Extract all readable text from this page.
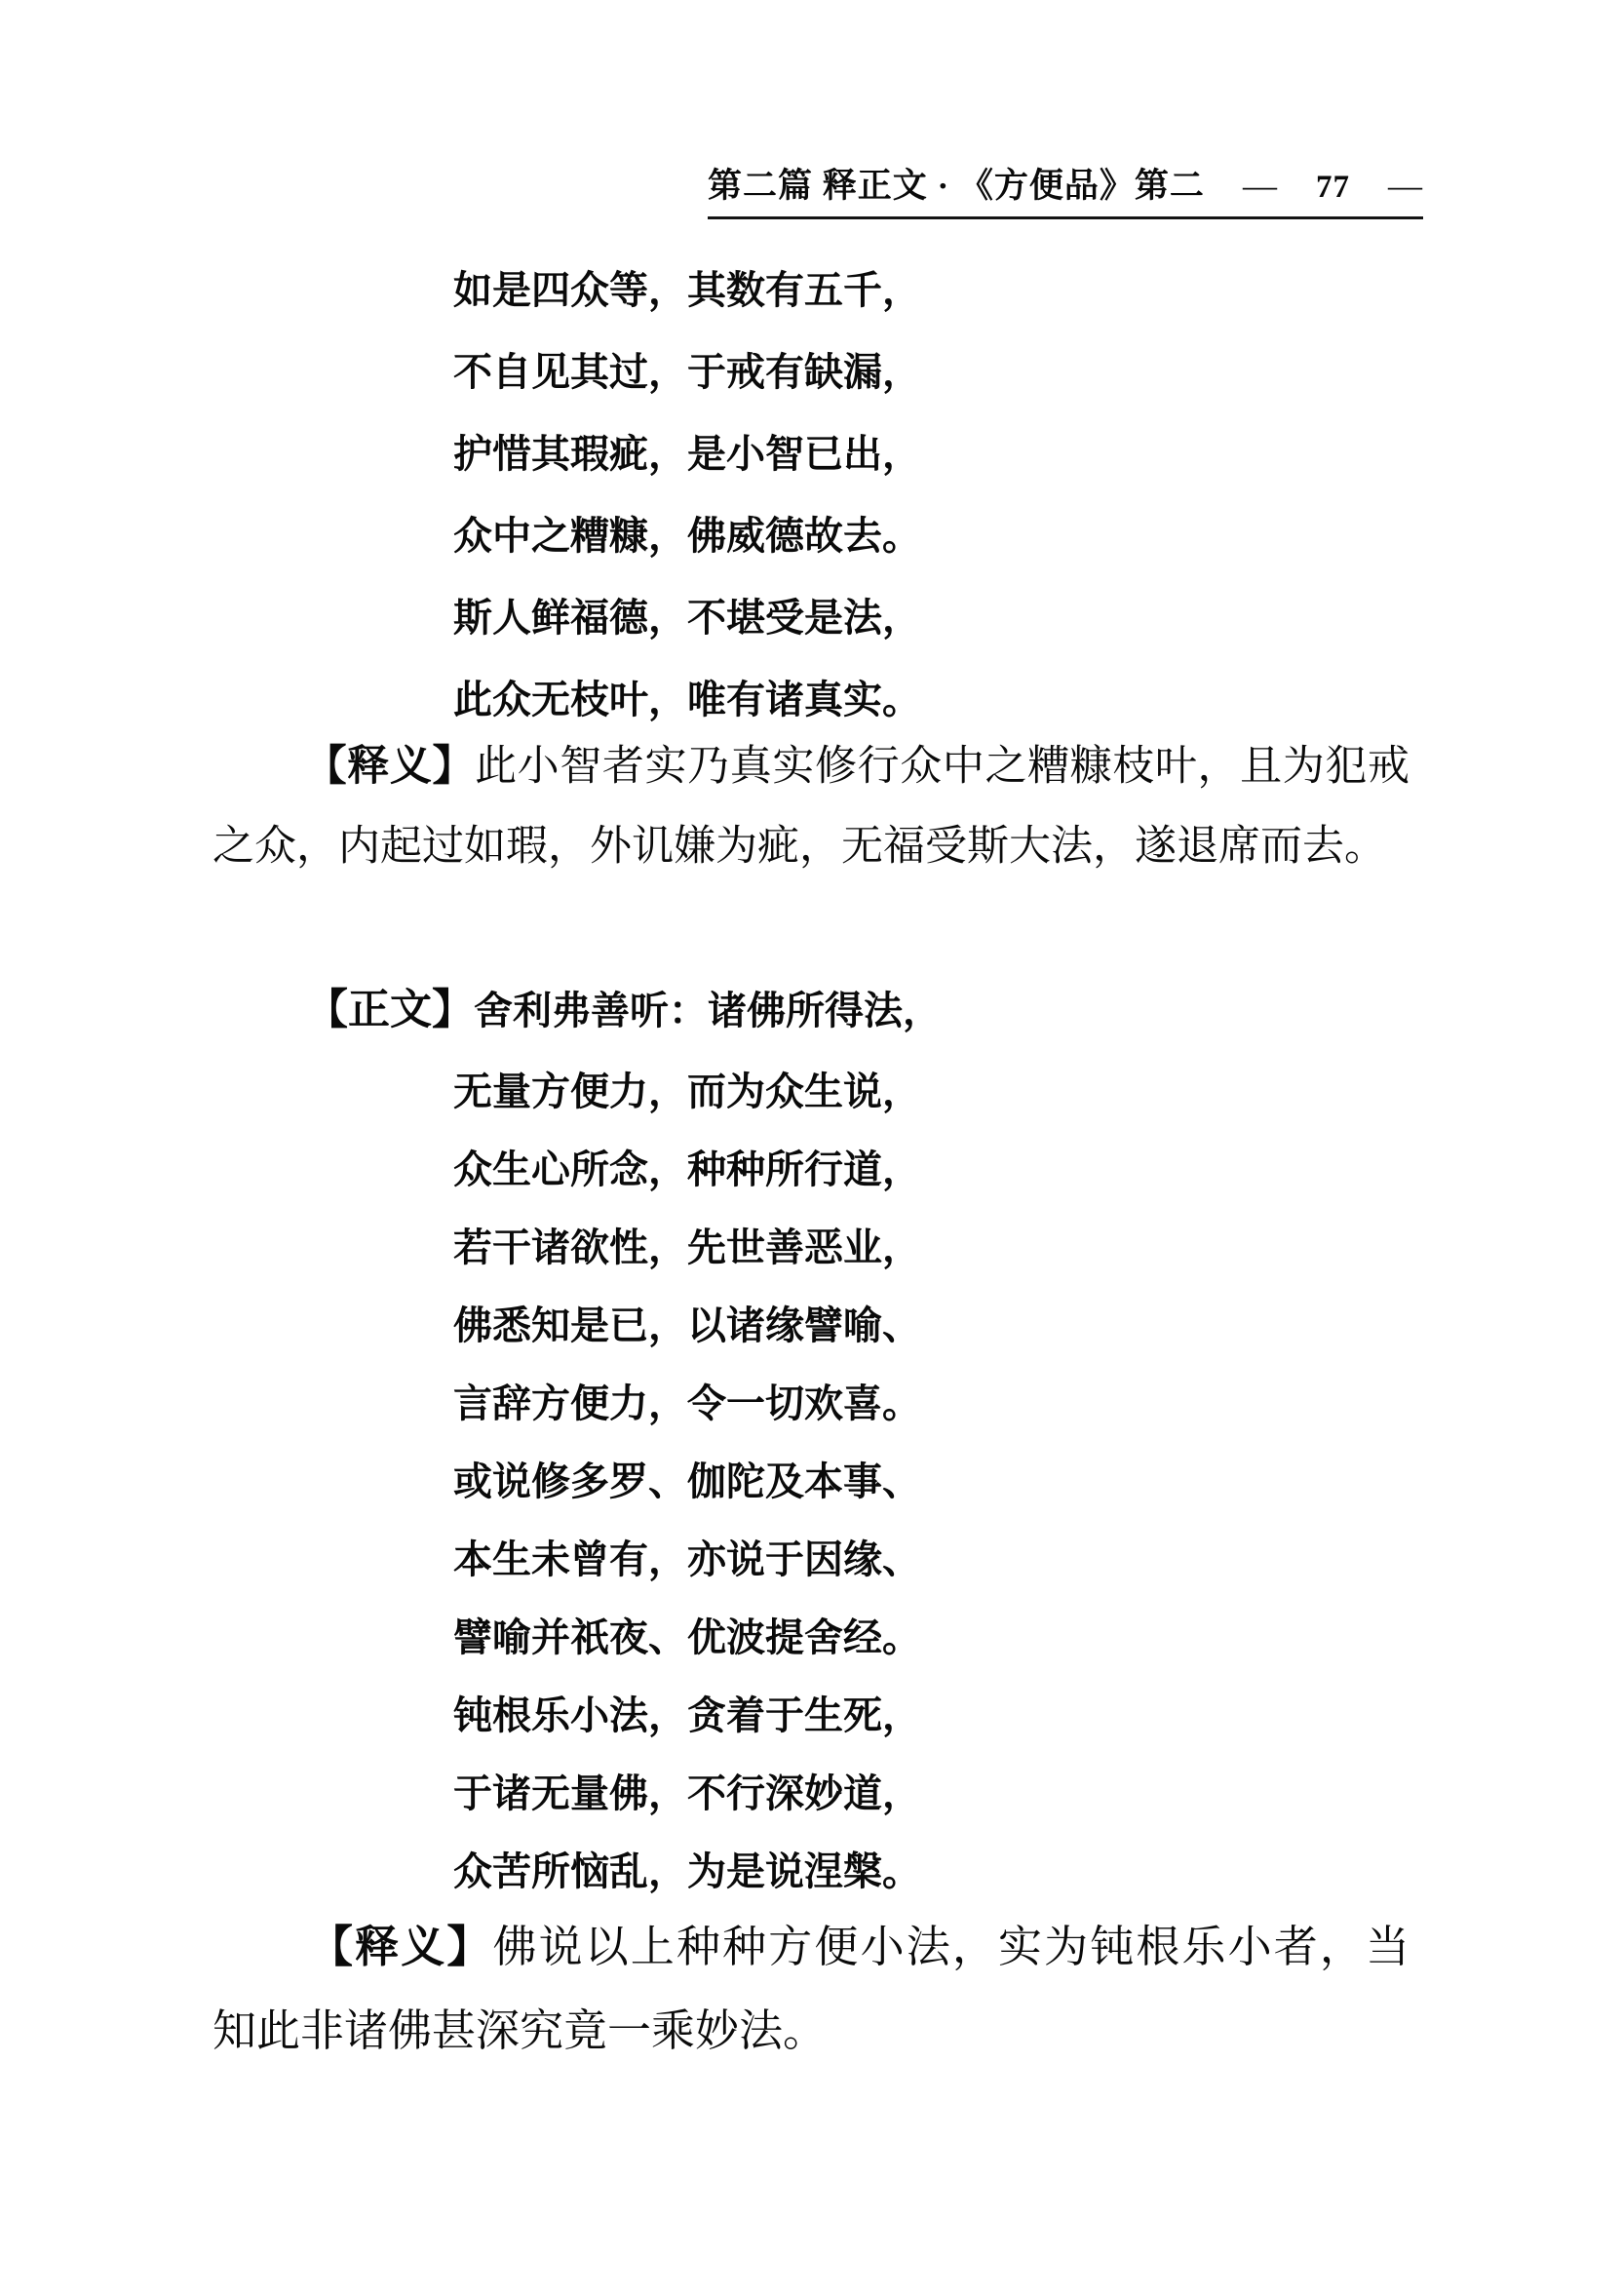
第二篇 释正文 · 《方便品》第二 — 77 —
如是四众等，其数有五千，
不自见其过，于戒有缺漏，
护惜其瑕疵，是小智已出，
众中之糟糠，佛威德故去。
斯人鲜福德，不堪受是法，
此众无枝叶，唯有诸真实。
【释义】此小智者实乃真实修行众中之糟糠枝叶，且为犯戒
之众，内起过如瑕，外讥嫌为疵，无福受斯大法，遂退席而去。
【正文】舍利弗善听：诸佛所得法，
无量方便力，而为众生说，
众生心所念，种种所行道，
若干诸欲性，先世善恶业，
佛悉知是已，以诸缘譬喻、
言辞方便力，令一切欢喜。
或说修多罗、伽陀及本事、
本生未曾有，亦说于因缘、
譬喻并祇夜、优波提舍经。
钝根乐小法，贪着于生死，
于诸无量佛，不行深妙道，
众苦所恼乱，为是说涅槃。
【释义】佛说以上种种方便小法，实为钝根乐小者，当
知此非诸佛甚深究竟一乘妙法。
